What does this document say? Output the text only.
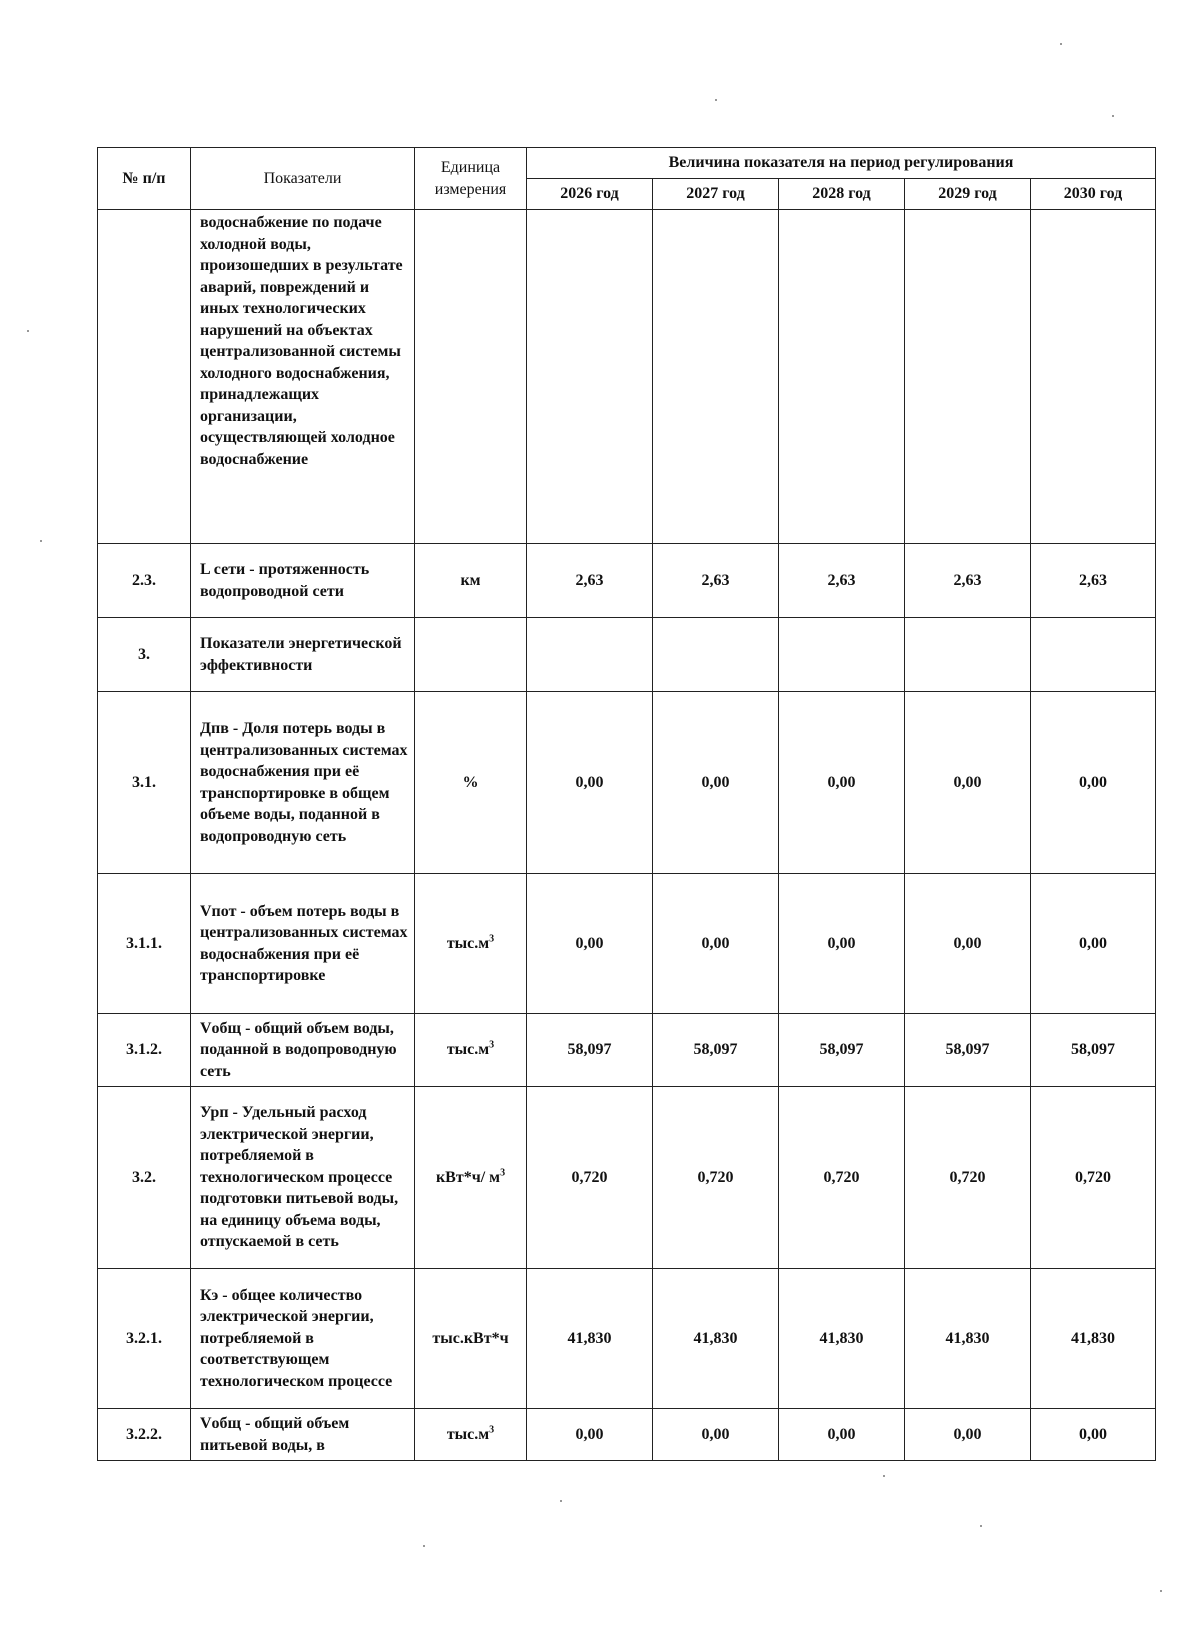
№ п/п	Показатели	Единица измерения	Величина показателя на период регулирования				
			2026 год	2027 год	2028 год	2029 год	2030 год
	водоснабжение по подаче холодной воды, произошедших в результате аварий, повреждений и иных технологических нарушений на объектах централизованной системы холодного водоснабжения, принадлежащих организации, осуществляющей холодное водоснабжение						
2.3.	L сети - протяженность водопроводной сети	км	2,63	2,63	2,63	2,63	2,63
3.	Показатели энергетической эффективности						
3.1.	Дпв - Доля потерь воды в централизованных системах водоснабжения при её транспортировке в общем объеме воды, поданной в водопроводную сеть	%	0,00	0,00	0,00	0,00	0,00
3.1.1.	Vпот - объем потерь воды в централизованных системах водоснабжения при её транспортировке	$тыс.м^3$	0,00	0,00	0,00	0,00	0,00
3.1.2.	Vобщ - общий объем воды, поданной в водопроводную сеть	$тыс.м^3$	58,097	58,097	58,097	58,097	58,097
3.2.	Урп - Удельный расход электрической энергии, потребляемой в технологическом процессе подготовки питьевой воды, на единицу объема воды, отпускаемой в сеть	кВт*ч/ $м^3$	0,720	0,720	0,720	0,720	0,720
3.2.1.	Кэ - общее количество электрической энергии, потребляемой в соответствующем технологическом процессе	тыс.кВт*ч	41,830	41,830	41,830	41,830	41,830
3.2.2.	Vобщ - общий объем питьевой воды, в	$тыс.м^3$	0,00	0,00	0,00	0,00	0,00
